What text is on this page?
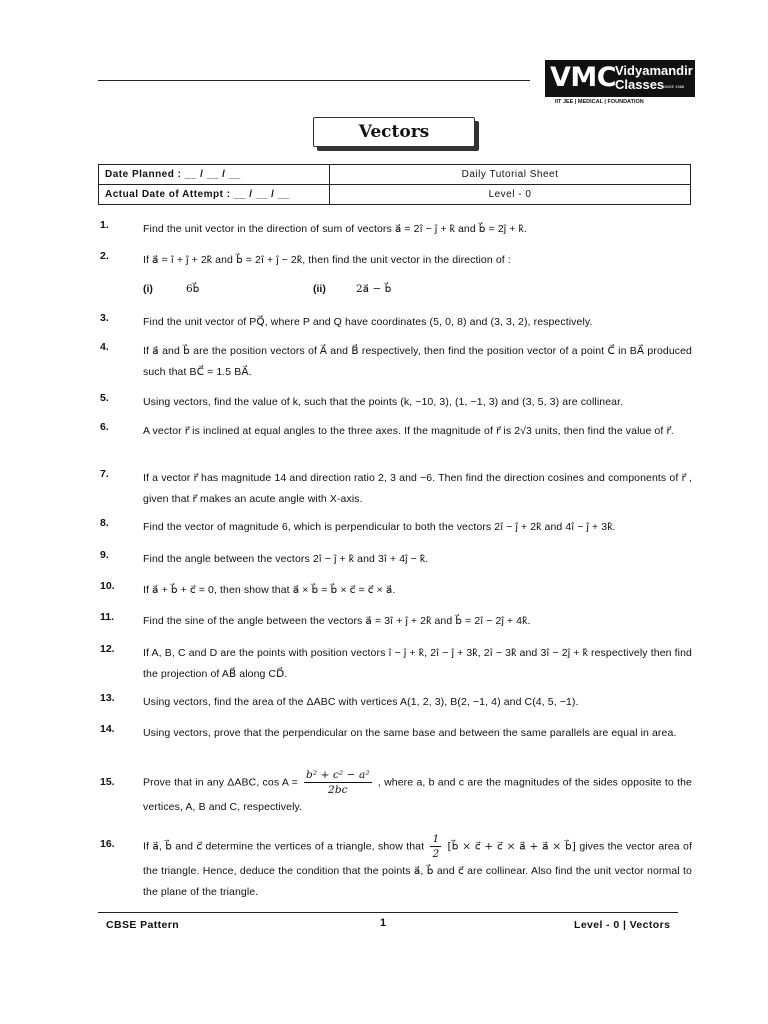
VMC
Vidyamandir
Classes
SINCE 1986
IIT JEE | MEDICAL | FOUNDATION
Vectors
Date Planned : __ / __ / __	Daily Tutorial Sheet
Actual Date of Attempt : __ / __ / __	Level - 0
1.	Find the unit vector in the direction of sum of vectors a⃗ = 2î − ĵ + k̂ and b⃗ = 2ĵ + k̂.
2.	If a⃗ = î + ĵ + 2k̂ and b⃗ = 2î + ĵ − 2k̂, then find the unit vector in the direction of :
(i)	6b⃗	(ii)	2a⃗ − b⃗
3.	Find the unit vector of PQ⃗, where P and Q have coordinates (5, 0, 8) and (3, 3, 2), respectively.
4.	If a⃗ and b⃗ are the position vectors of A⃗ and B⃗ respectively, then find the position vector of a point C⃗ in BA⃗ produced such that BC⃗ = 1.5 BA⃗.
5.	Using vectors, find the value of k, such that the points (k, −10, 3), (1, −1, 3) and (3, 5, 3) are collinear.
6.	A vector r⃗ is inclined at equal angles to the three axes. If the magnitude of r⃗ is 2√3 units, then find the value of r⃗.
7.	If a vector r⃗ has magnitude 14 and direction ratio 2, 3 and −6. Then find the direction cosines and components of r⃗ , given that r⃗ makes an acute angle with X-axis.
8.	Find the vector of magnitude 6, which is perpendicular to both the vectors 2î − ĵ + 2k̂ and 4î − ĵ + 3k̂.
9.	Find the angle between the vectors 2î − ĵ + k̂ and 3î + 4ĵ − k̂.
10.	If a⃗ + b⃗ + c⃗ = 0, then show that a⃗ × b⃗ = b⃗ × c⃗ = c⃗ × a⃗.
11.	Find the sine of the angle between the vectors a⃗ = 3î + ĵ + 2k̂ and b⃗ = 2î − 2ĵ + 4k̂.
12.	If A, B, C and D are the points with position vectors î − ĵ + k̂, 2î − ĵ + 3k̂, 2î − 3k̂ and 3î − 2ĵ + k̂ respectively then find the projection of AB⃗ along CD⃗.
13.	Using vectors, find the area of the ΔABC with vertices A(1, 2, 3), B(2, −1, 4) and C(4, 5, −1).
14.	Using vectors, prove that the perpendicular on the same base and between the same parallels are equal in area.
15.	Prove that in any ΔABC, $\cos A = \frac{\text{b² + c² − a²}}{2bc}$ , where a, b and c are the magnitudes of the sides opposite to the vertices, A, B and C, respectively.
16.	If a⃗, b⃗ and c⃗ determine the vertices of a triangle, show that $\frac{1}{2}$ [b⃗ × c⃗ + c⃗ × a⃗ + a⃗ × b⃗] gives the vector area of the triangle. Hence, deduce the condition that the points a⃗, b⃗ and c⃗ are collinear. Also find the unit vector normal to the plane of the triangle.
CBSE Pattern	1	Level - 0 | Vectors
